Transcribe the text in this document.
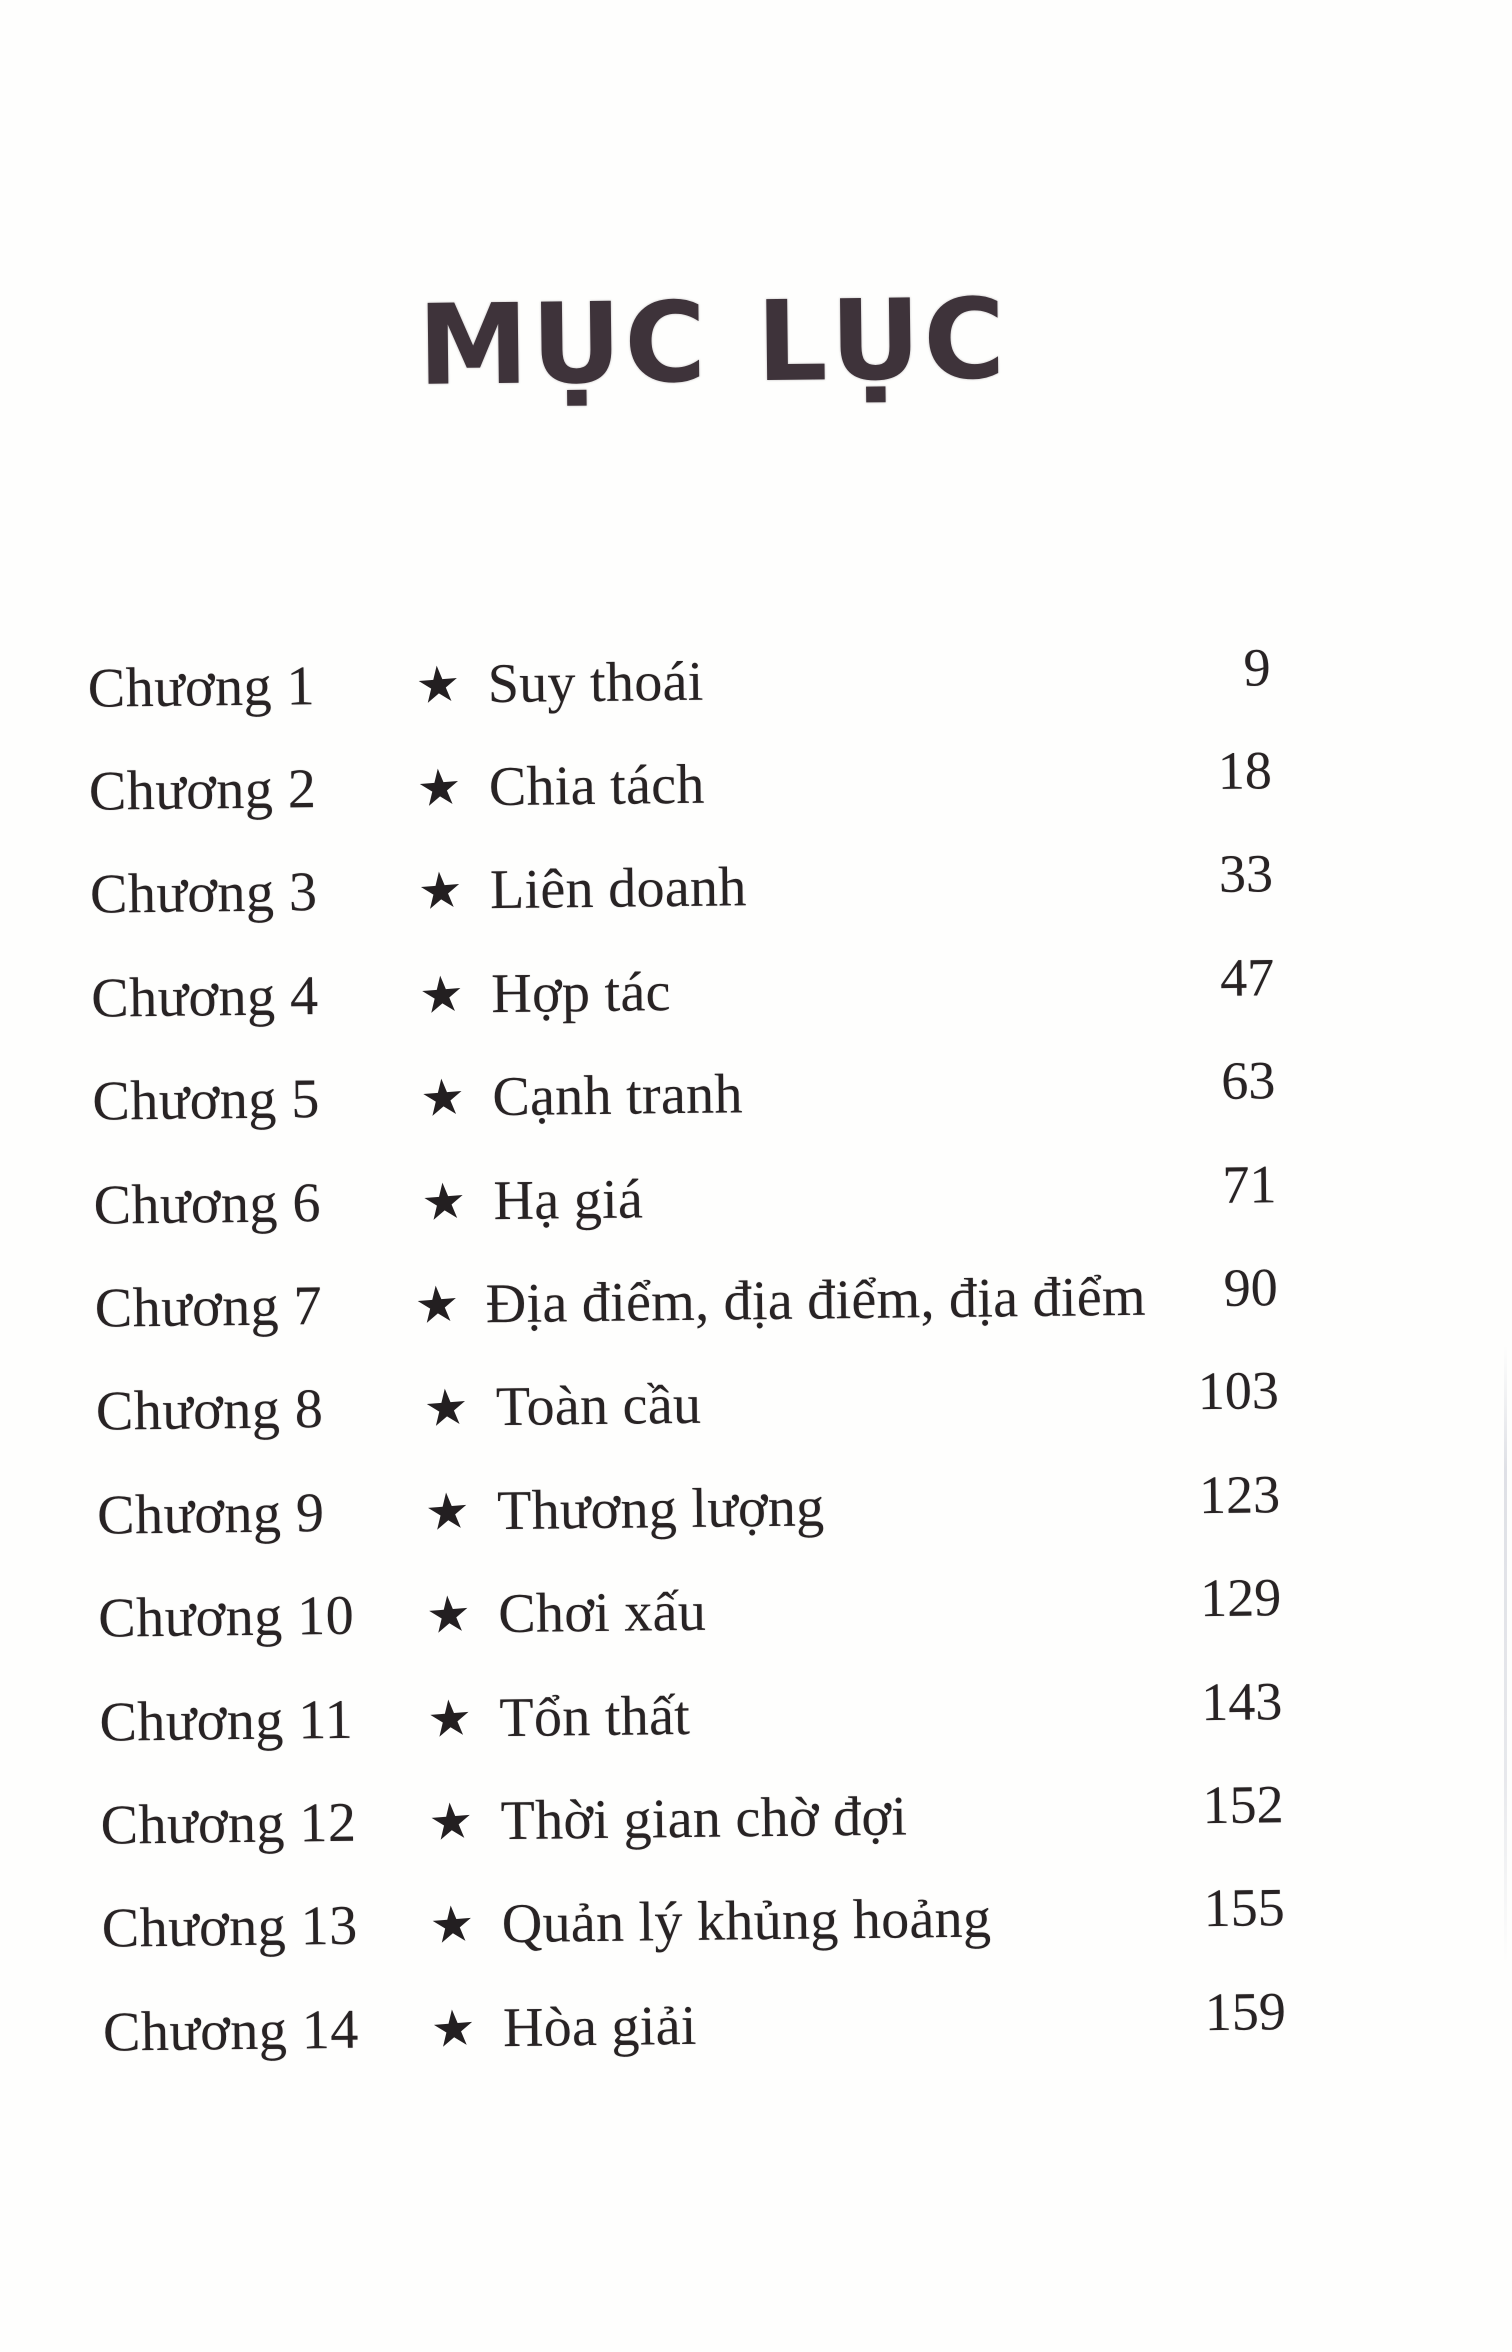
MỤC LỤC
Chương 1	★ Suy thoái	9
Chương 2	★ Chia tách	18
Chương 3	★ Liên doanh	33
Chương 4	★ Hợp tác	47
Chương 5	★ Cạnh tranh	63
Chương 6	★ Hạ giá	71
Chương 7	★ Địa điểm, địa điểm, địa điểm	90
Chương 8	★ Toàn cầu	103
Chương 9	★ Thương lượng	123
Chương 10	★ Chơi xấu	129
Chương 11	★ Tổn thất	143
Chương 12	★ Thời gian chờ đợi	152
Chương 13	★ Quản lý khủng hoảng	155
Chương 14	★ Hòa giải	159
